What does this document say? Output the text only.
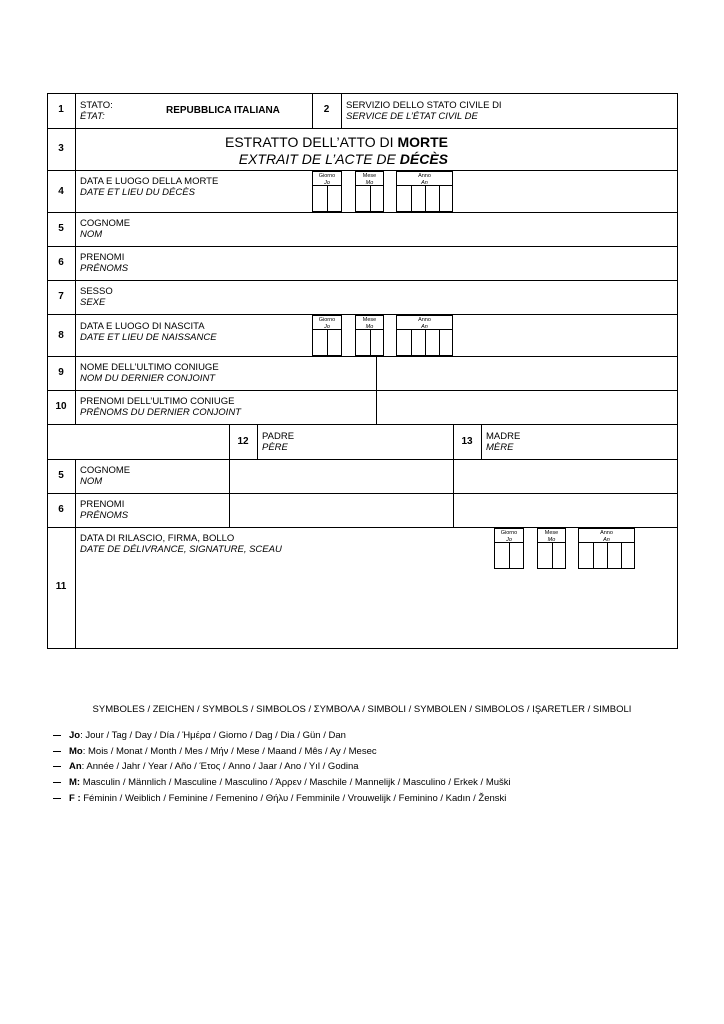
1	STATO:
ÉTAT:
REPUBBLICA ITALIANA	2	SERVIZIO DELLO STATO CIVILE DI
SERVICE DE L’ÉTAT CIVIL DE
3	ESTRATTO DELL’ATTO DI MORTE
EXTRAIT DE L’ACTE DE DÉCÈS
4
DATA E LUOGO DELLA MORTE
DATE ET LIEU DU DÉCÈS
Giorno
Jo
Mese
Mo
Anno
An
5	COGNOME
NOM
6	PRENOMI
PRÉNOMS
7	SESSO
SEXE
8
DATA E LUOGO DI NASCITA
DATE ET LIEU DE NAISSANCE
Giorno
Jo
Mese
Mo
Anno
An
9	NOME DELL’ULTIMO CONIUGE
NOM DU DERNIER CONJOINT
10	PRENOMI DELL’ULTIMO CONIUGE
PRÉNOMS DU DERNIER CONJOINT
12	PADRE
PÈRE
13	MADRE
MÈRE
5	COGNOME
NOM
6	PRENOMI
PRÉNOMS
11
DATA DI RILASCIO, FIRMA, BOLLO
DATE DE DÉLIVRANCE, SIGNATURE, SCEAU
Giorno
Jo
Mese
Mo
Anno
An
SYMBOLES / ZEICHEN / SYMBOLS / SIMBOLOS / ΣΥΜΒΟΛΑ / SIMBOLI / SYMBOLEN / SIMBOLOS / IŞARETLER / SIMBOLI
Jo: Jour / Tag / Day / Día / Ἡμέρα / Giorno / Dag / Dia / Gün / Dan
Mo: Mois / Monat / Month / Mes / Μήν / Mese / Maand / Mês / Ay / Mesec
An: Année / Jahr / Year / Año / Έτος / Anno / Jaar / Ano / Yıl / Godina
M: Masculin / Männlich / Masculine / Masculino / Άρρεν / Maschile / Mannelijk / Masculino / Erkek / Muški
F : Féminin / Weiblich / Feminine / Femenino / Θήλυ / Femminile / Vrouwelijk / Feminino / Kadın / Ženski
